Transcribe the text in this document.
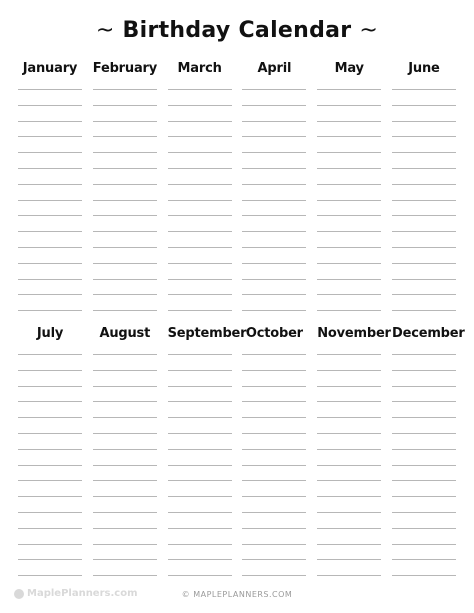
~ Birthday Calendar ~
January	February	March	April	May	June
July	August	September October November December
MaplePlanners.com	© MAPLEPLANNERS.COM
